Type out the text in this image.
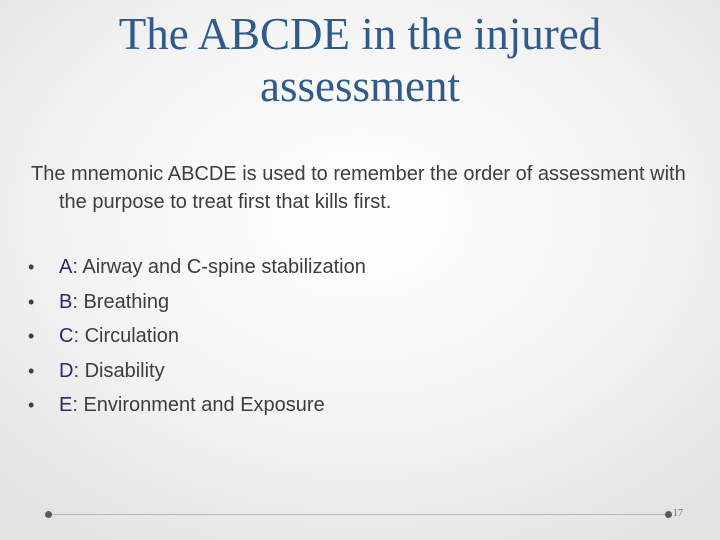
The ABCDE in the injured assessment

The mnemonic ABCDE is used to remember the order of assessment with the purpose to treat first that kills first.

•	A: Airway and C-spine stabilization
•	B: Breathing
•	C: Circulation
•	D: Disability
•	E: Environment and Exposure
17
